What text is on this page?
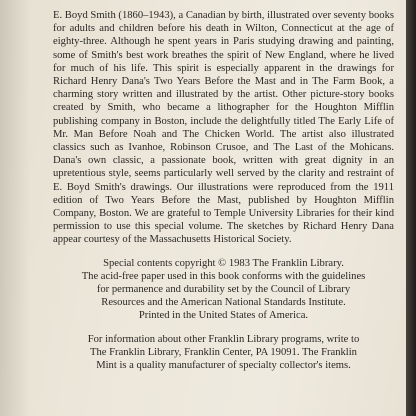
E. Boyd Smith (1860–1943), a Canadian by birth, illustrated over seventy books for adults and children before his death in Wilton, Connecticut at the age of eighty-three. Although he spent years in Paris studying drawing and painting, some of Smith's best work breathes the spirit of New England, where he lived for much of his life. This spirit is especially apparent in the drawings for Richard Henry Dana's Two Years Before the Mast and in The Farm Book, a charming story written and illustrated by the artist. Other picture-story books created by Smith, who became a lithographer for the Houghton Mifflin publishing company in Boston, include the delightfully titled The Early Life of Mr. Man Before Noah and The Chicken World. The artist also illustrated classics such as Ivanhoe, Robinson Crusoe, and The Last of the Mohicans. Dana's own classic, a passionate book, written with great dignity in an upretentious style, seems particularly well served by the clarity and restraint of E. Boyd Smith's drawings. Our illustrations were reproduced from the 1911 edition of Two Years Before the Mast, published by Houghton Mifflin Company, Boston. We are grateful to Temple University Libraries for their kind permission to use this special volume. The sketches by Richard Henry Dana appear courtesy of the Massachusetts Historical Society.

Special contents copyright © 1983 The Franklin Library.
The acid-free paper used in this book conforms with the guidelines
for permanence and durability set by the Council of Library
Resources and the American National Standards Institute.
Printed in the United States of America.

For information about other Franklin Library programs, write to
The Franklin Library, Franklin Center, PA 19091. The Franklin
Mint is a quality manufacturer of specialty collector's items.
